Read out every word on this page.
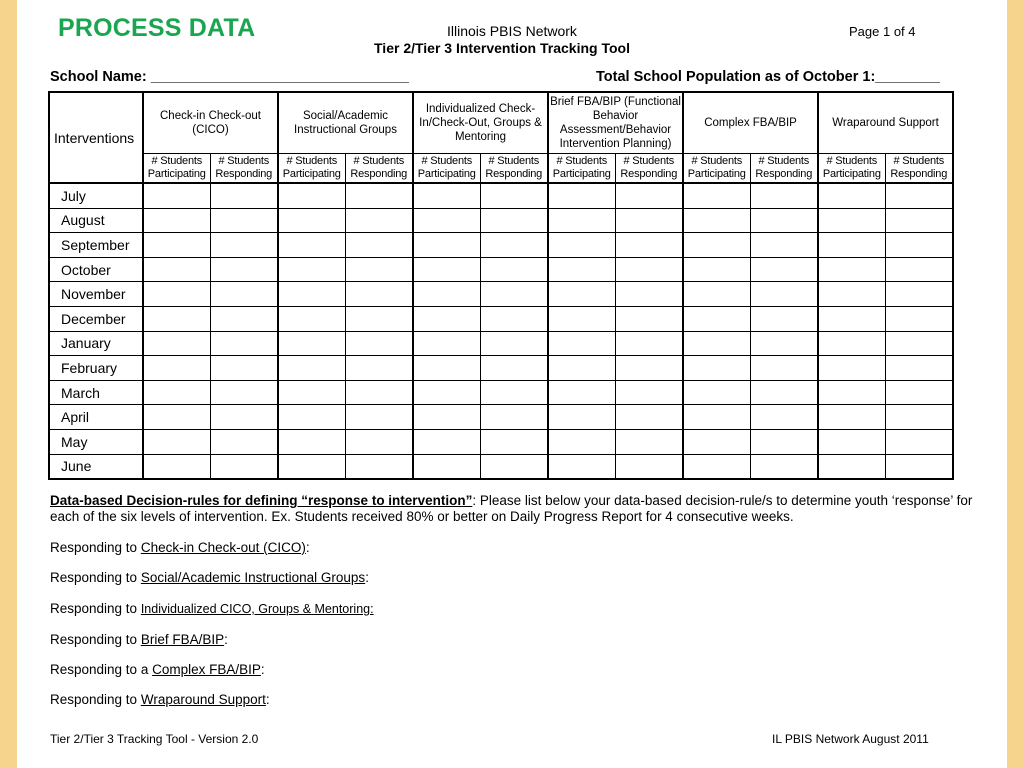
PROCESS DATA	Illinois PBIS Network
Tier 2/Tier 3 Intervention Tracking Tool
Page 1 of 4
School Name: ________________________________	Total School Population as of October 1:________
Interventions	Check-in Check-out (CICO)		Social/Academic Instructional Groups		Individualized Check-In/Check-Out, Groups & Mentoring		Brief FBA/BIP (Functional Behavior Assessment/Behavior Intervention Planning)		Complex FBA/BIP		Wraparound Support	
	# Students Participating	# Students Responding	# Students Participating	# Students Responding	# Students Participating	# Students Responding	# Students Participating	# Students Responding	# Students Participating	# Students Responding	# Students Participating	# Students Responding
July												
August												
September												
October												
November												
December												
January												
February												
March												
April												
May												
June												
Data-based Decision-rules for defining “response to intervention”: Please list below your data-based decision-rule/s to determine youth ‘response’ for each of the six levels of intervention. Ex. Students received 80% or better on Daily Progress Report for 4 consecutive weeks.
Responding to Check-in Check-out (CICO):
Responding to Social/Academic Instructional Groups:
Responding to Individualized CICO, Groups & Mentoring:
Responding to Brief FBA/BIP:
Responding to a Complex FBA/BIP:
Responding to Wraparound Support:
Tier 2/Tier 3 Tracking Tool - Version 2.0	IL PBIS Network August 2011
